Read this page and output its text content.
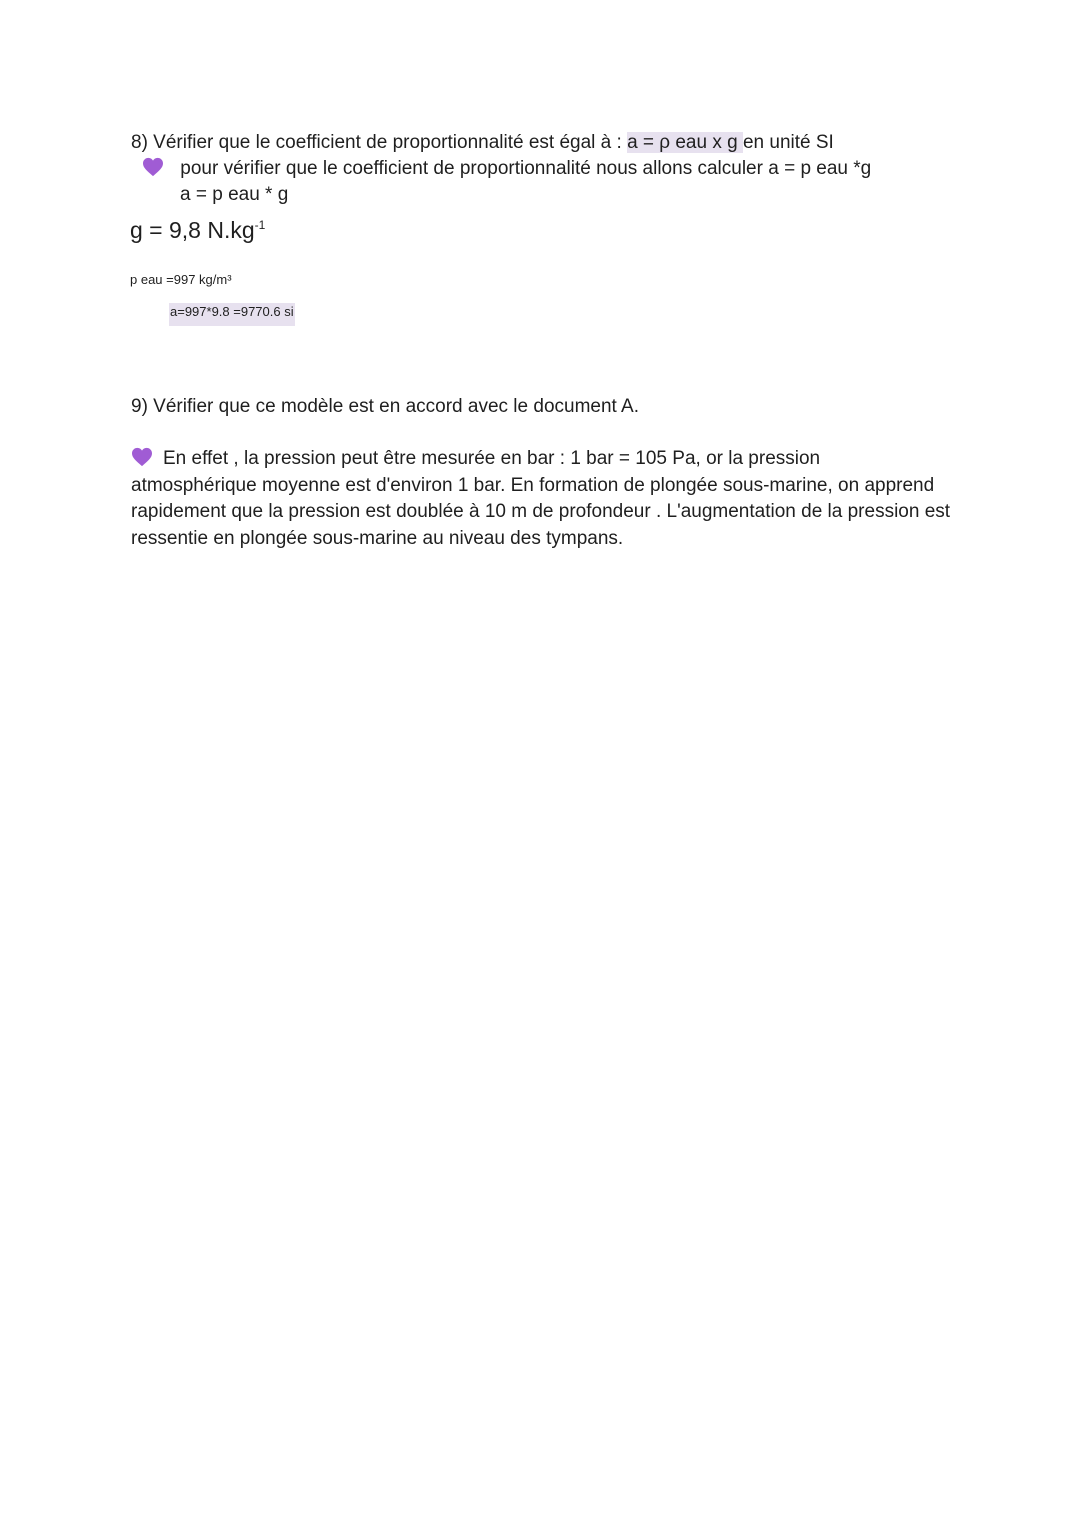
8) Vérifier que le coefficient de proportionnalité est égal à : a = ρ eau x g en unité SI
pour vérifier que le coefficient de proportionnalité nous allons calculer a = p eau *g
a = p eau * g
g = 9,8 $N.kg^{-1}$
p eau =997 kg/m³
a=997*9.8 =9770.6 si
9) Vérifier que ce modèle est en accord avec le document A.
En effet , la pression peut être mesurée en bar : 1 bar = 105 Pa, or la pression atmosphérique moyenne est d'environ 1 bar. En formation de plongée sous-marine, on apprend rapidement que la pression est doublée à 10 m de profondeur . L'augmentation de la pression est ressentie en plongée sous-marine au niveau des tympans.
